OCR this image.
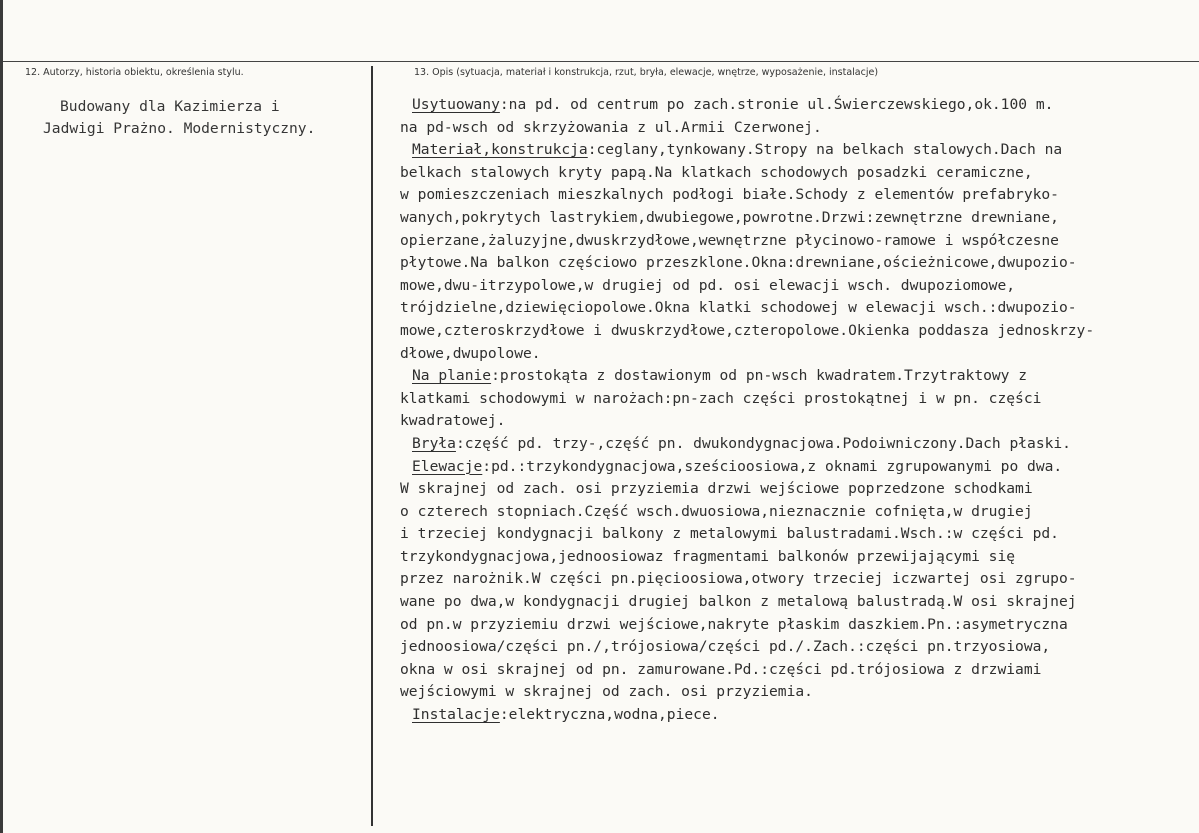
12. Autorzy, historia obiektu, określenia stylu.	13. Opis (sytuacja, materiał i konstrukcja, rzut, bryła, elewacje, wnętrze, wyposażenie, instalacje)
Budowany dla Kazimierza i
Jadwigi Prażno. Modernistyczny.
Usytuowany:na pd. od centrum po zach.stronie ul.Świerczewskiego,ok.100 m.
na pd-wsch od skrzyżowania z ul.Armii Czerwonej.
Materiał,konstrukcja:ceglany,tynkowany.Stropy na belkach stalowych.Dach na
belkach stalowych kryty papą.Na klatkach schodowych posadzki ceramiczne,
w pomieszczeniach mieszkalnych podłogi białe.Schody z elementów prefabryko-
wanych,pokrytych lastrykiem,dwubiegowe,powrotne.Drzwi:zewnętrzne drewniane,
opierzane,żaluzyjne,dwuskrzydłowe,wewnętrzne płycinowo-ramowe i współczesne
płytowe.Na balkon częściowo przeszklone.Okna:drewniane,ościeżnicowe,dwupozio-
mowe,dwu-itrzypolowe,w drugiej od pd. osi elewacji wsch. dwupoziomowe,
trójdzielne,dziewięciopolowe.Okna klatki schodowej w elewacji wsch.:dwupozio-
mowe,czteroskrzydłowe i dwuskrzydłowe,czteropolowe.Okienka poddasza jednoskrzy-
dłowe,dwupolowe.
Na planie:prostokąta z dostawionym od pn-wsch kwadratem.Trzytraktowy z
klatkami schodowymi w narożach:pn-zach części prostokątnej i w pn. części
kwadratowej.
Bryła:część pd. trzy-,część pn. dwukondygnacjowa.Podoiwniczony.Dach płaski.
Elewacje:pd.:trzykondygnacjowa,sześcioosiowa,z oknami zgrupowanymi po dwa.
W skrajnej od zach. osi przyziemia drzwi wejściowe poprzedzone schodkami
o czterech stopniach.Część wsch.dwuosiowa,nieznacznie cofnięta,w drugiej
i trzeciej kondygnacji balkony z metalowymi balustradami.Wsch.:w części pd.
trzykondygnacjowa,jednoosiowaz fragmentami balkonów przewijającymi się
przez narożnik.W części pn.pięcioosiowa,otwory trzeciej iczwartej osi zgrupo-
wane po dwa,w kondygnacji drugiej balkon z metalową balustradą.W osi skrajnej
od pn.w przyziemiu drzwi wejściowe,nakryte płaskim daszkiem.Pn.:asymetryczna
jednoosiowa/części pn./,trójosiowa/części pd./.Zach.:części pn.trzyosiowa,
okna w osi skrajnej od pn. zamurowane.Pd.:części pd.trójosiowa z drzwiami
wejściowymi w skrajnej od zach. osi przyziemia.
Instalacje:elektryczna,wodna,piece.
